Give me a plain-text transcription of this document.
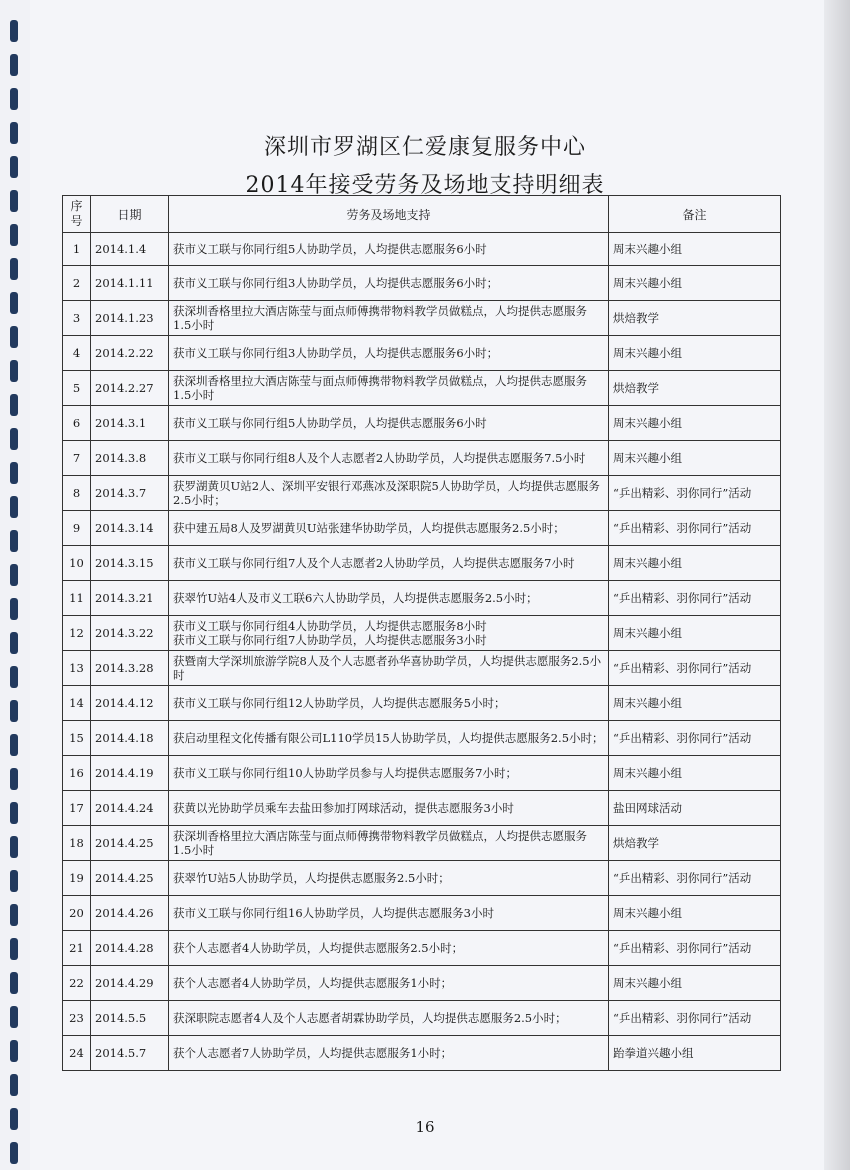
深圳市罗湖区仁爱康复服务中心
2014年接受劳务及场地支持明细表
序
号	日期	劳务及场地支持	备注
1	2014.1.4	获市义工联与你同行组5人协助学员，人均提供志愿服务6小时	周末兴趣小组
2	2014.1.11	获市义工联与你同行组3人协助学员，人均提供志愿服务6小时；	周末兴趣小组
3	2014.1.23	获深圳香格里拉大酒店陈莹与面点师傅携带物料教学员做糕点，人均提供志愿服务1.5小时	烘焙教学
4	2014.2.22	获市义工联与你同行组3人协助学员，人均提供志愿服务6小时；	周末兴趣小组
5	2014.2.27	获深圳香格里拉大酒店陈莹与面点师傅携带物料教学员做糕点，人均提供志愿服务1.5小时	烘焙教学
6	2014.3.1	获市义工联与你同行组5人协助学员，人均提供志愿服务6小时	周末兴趣小组
7	2014.3.8	获市义工联与你同行组8人及个人志愿者2人协助学员，人均提供志愿服务7.5小时	周末兴趣小组
8	2014.3.7	获罗湖黄贝U站2人、深圳平安银行邓燕冰及深职院5人协助学员，人均提供志愿服务2.5小时；	“乒出精彩、羽你同行”活动
9	2014.3.14	获中建五局8人及罗湖黄贝U站张建华协助学员，人均提供志愿服务2.5小时；	“乒出精彩、羽你同行”活动
10	2014.3.15	获市义工联与你同行组7人及个人志愿者2人协助学员，人均提供志愿服务7小时	周末兴趣小组
11	2014.3.21	获翠竹U站4人及市义工联6六人协助学员，人均提供志愿服务2.5小时；	“乒出精彩、羽你同行”活动
12	2014.3.22	获市义工联与你同行组4人协助学员，人均提供志愿服务8小时
获市义工联与你同行组7人协助学员，人均提供志愿服务3小时	周末兴趣小组
13	2014.3.28	获暨南大学深圳旅游学院8人及个人志愿者孙华喜协助学员，人均提供志愿服务2.5小时	“乒出精彩、羽你同行”活动
14	2014.4.12	获市义工联与你同行组12人协助学员，人均提供志愿服务5小时；	周末兴趣小组
15	2014.4.18	获启动里程文化传播有限公司L110学员15人协助学员，人均提供志愿服务2.5小时；	“乒出精彩、羽你同行”活动
16	2014.4.19	获市义工联与你同行组10人协助学员参与人均提供志愿服务7小时；	周末兴趣小组
17	2014.4.24	获黄以光协助学员乘车去盐田参加打网球活动，提供志愿服务3小时	盐田网球活动
18	2014.4.25	获深圳香格里拉大酒店陈莹与面点师傅携带物料教学员做糕点，人均提供志愿服务1.5小时	烘焙教学
19	2014.4.25	获翠竹U站5人协助学员，人均提供志愿服务2.5小时；	“乒出精彩、羽你同行”活动
20	2014.4.26	获市义工联与你同行组16人协助学员，人均提供志愿服务3小时	周末兴趣小组
21	2014.4.28	获个人志愿者4人协助学员，人均提供志愿服务2.5小时；	“乒出精彩、羽你同行”活动
22	2014.4.29	获个人志愿者4人协助学员，人均提供志愿服务1小时；	周末兴趣小组
23	2014.5.5	获深职院志愿者4人及个人志愿者胡霖协助学员，人均提供志愿服务2.5小时；	“乒出精彩、羽你同行”活动
24	2014.5.7	获个人志愿者7人协助学员，人均提供志愿服务1小时；	跆拳道兴趣小组
16
